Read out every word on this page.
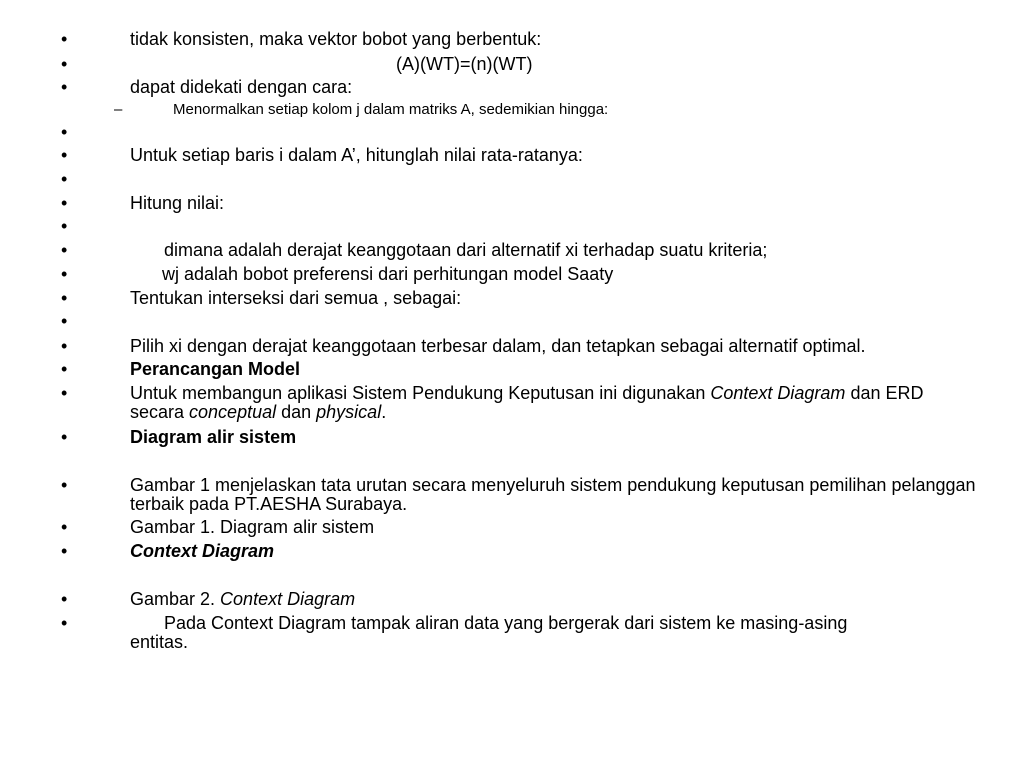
•	tidak konsisten, maka vektor bobot yang berbentuk:
•	(A)(WT)=(n)(WT)
•	dapat didekati dengan cara:
–	Menormalkan setiap kolom j dalam matriks A, sedemikian hingga:
•
•	Untuk setiap baris i dalam A’, hitunglah nilai rata-ratanya:
•
•	Hitung nilai:
•
•	dimana adalah derajat keanggotaan dari alternatif xi terhadap suatu kriteria;
•	wj adalah bobot preferensi dari perhitungan model Saaty
•	Tentukan interseksi dari semua , sebagai:
•
•	Pilih xi dengan derajat keanggotaan terbesar dalam, dan tetapkan sebagai alternatif optimal.
•	Perancangan Model
•	Untuk membangun aplikasi Sistem Pendukung Keputusan ini digunakan Context Diagram dan ERD secara conceptual dan physical.
•	Diagram alir sistem
•	Gambar 1 menjelaskan tata urutan secara menyeluruh sistem pendukung keputusan pemilihan pelanggan terbaik pada PT.AESHA Surabaya.
•	Gambar 1. Diagram alir sistem
•	Context Diagram
•	Gambar 2. Context Diagram
•	Pada Context Diagram tampak aliran data yang bergerak dari sistem ke masing-asing
entitas.
